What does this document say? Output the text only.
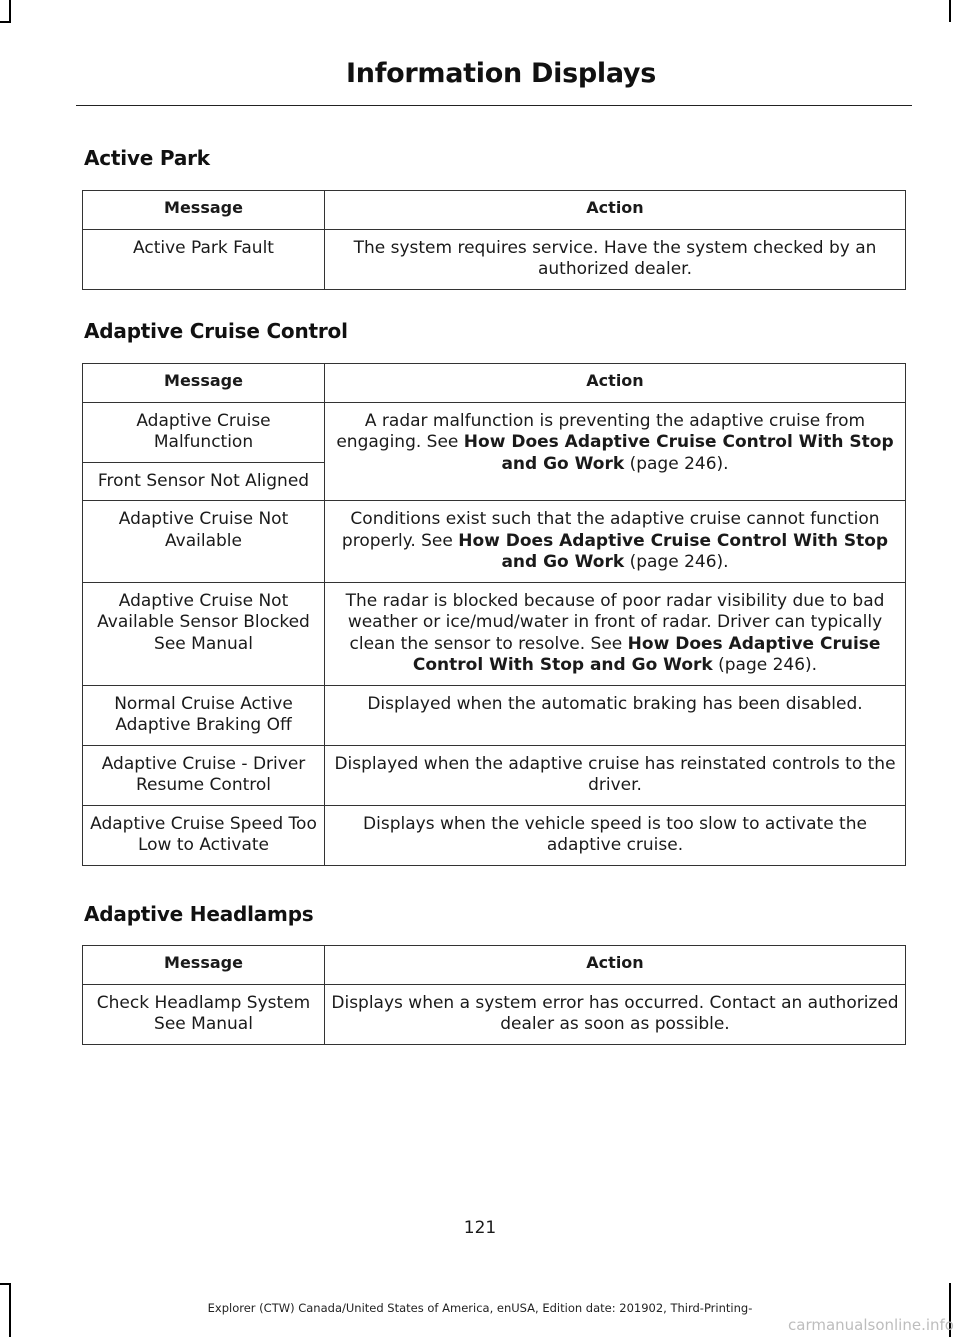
Information Displays
Active Park
Message	Action
Active Park Fault	The system requires service. Have the system checked by an authorized dealer.
Adaptive Cruise Control
Message	Action
Adaptive Cruise Malfunction	A radar malfunction is preventing the adaptive cruise from engaging. See How Does Adaptive Cruise Control With Stop and Go Work (page 246).
Front Sensor Not Aligned	
Adaptive Cruise Not Available	Conditions exist such that the adaptive cruise cannot function properly. See How Does Adaptive Cruise Control With Stop and Go Work (page 246).
Adaptive Cruise Not Available Sensor Blocked See Manual	The radar is blocked because of poor radar visibility due to bad weather or ice/mud/water in front of radar. Driver can typically clean the sensor to resolve. See How Does Adaptive Cruise Control With Stop and Go Work (page 246).
Normal Cruise Active Adaptive Braking Off	Displayed when the automatic braking has been disabled.
Adaptive Cruise - Driver Resume Control	Displayed when the adaptive cruise has reinstated controls to the driver.
Adaptive Cruise Speed Too Low to Activate	Displays when the vehicle speed is too slow to activate the adaptive cruise.
Adaptive Headlamps
Message	Action
Check Headlamp System See Manual	Displays when a system error has occurred. Contact an authorized dealer as soon as possible.
121
Explorer (CTW) Canada/United States of America, enUSA, Edition date: 201902, Third-Printing-
carmanualsonline.info
